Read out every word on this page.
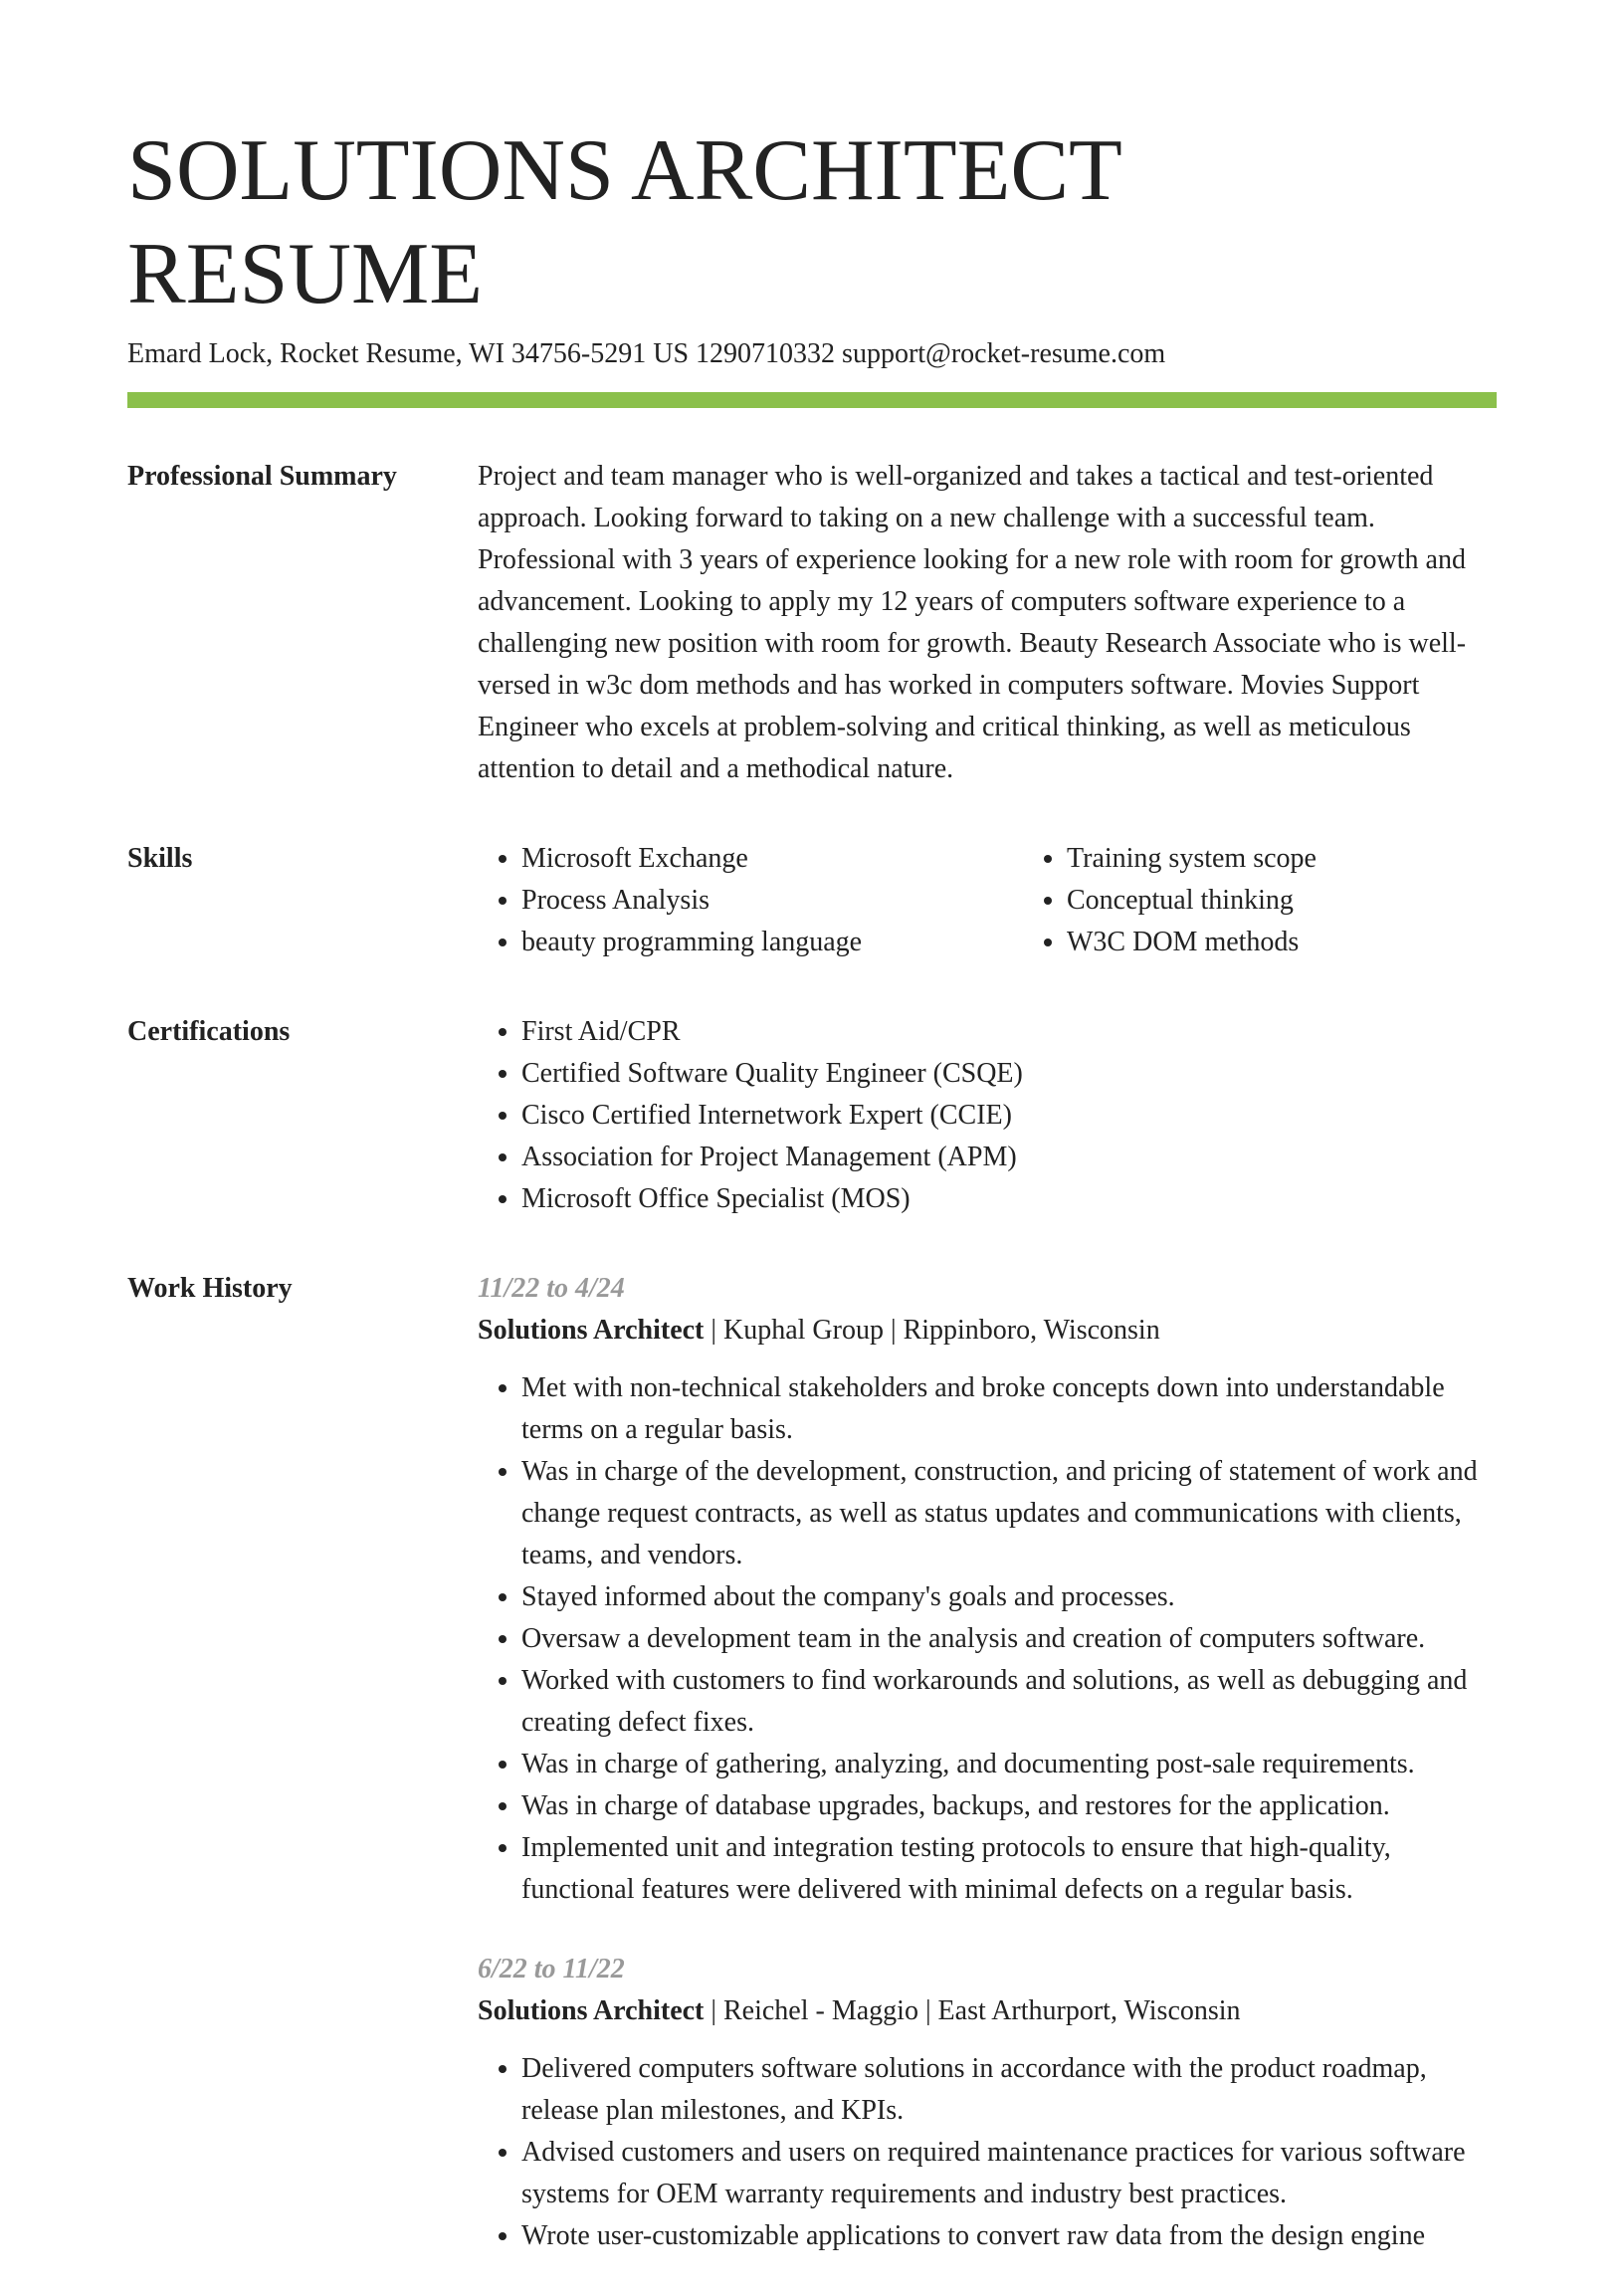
SOLUTIONS ARCHITECT RESUME
Emard Lock, Rocket Resume, WI 34756-5291 US 1290710332 support@rocket-resume.com
Professional Summary	Project and team manager who is well-organized and takes a tactical and test-oriented approach. Looking forward to taking on a new challenge with a successful team. Professional with 3 years of experience looking for a new role with room for growth and advancement. Looking to apply my 12 years of computers software experience to a challenging new position with room for growth. Beauty Research Associate who is well-versed in w3c dom methods and has worked in computers software. Movies Support Engineer who excels at problem-solving and critical thinking, as well as meticulous attention to detail and a methodical nature.

Skills	• Microsoft Exchange
• Process Analysis
• beauty programming language
• Training system scope
• Conceptual thinking
• W3C DOM methods
Certifications	• First Aid/CPR
• Certified Software Quality Engineer (CSQE)
• Cisco Certified Internetwork Expert (CCIE)
• Association for Project Management (APM)
• Microsoft Office Specialist (MOS)
Work History	11/22 to 4/24
Solutions Architect | Kuphal Group | Rippinboro, Wisconsin
• Met with non-technical stakeholders and broke concepts down into understandable terms on a regular basis.
• Was in charge of the development, construction, and pricing of statement of work and change request contracts, as well as status updates and communications with clients, teams, and vendors.
• Stayed informed about the company's goals and processes.
• Oversaw a development team in the analysis and creation of computers software.
• Worked with customers to find workarounds and solutions, as well as debugging and creating defect fixes.
• Was in charge of gathering, analyzing, and documenting post-sale requirements.
• Was in charge of database upgrades, backups, and restores for the application.
• Implemented unit and integration testing protocols to ensure that high-quality, functional features were delivered with minimal defects on a regular basis.
6/22 to 11/22
Solutions Architect | Reichel - Maggio | East Arthurport, Wisconsin
• Delivered computers software solutions in accordance with the product roadmap, release plan milestones, and KPIs.
• Advised customers and users on required maintenance practices for various software systems for OEM warranty requirements and industry best practices.
• Wrote user-customizable applications to convert raw data from the design engine
